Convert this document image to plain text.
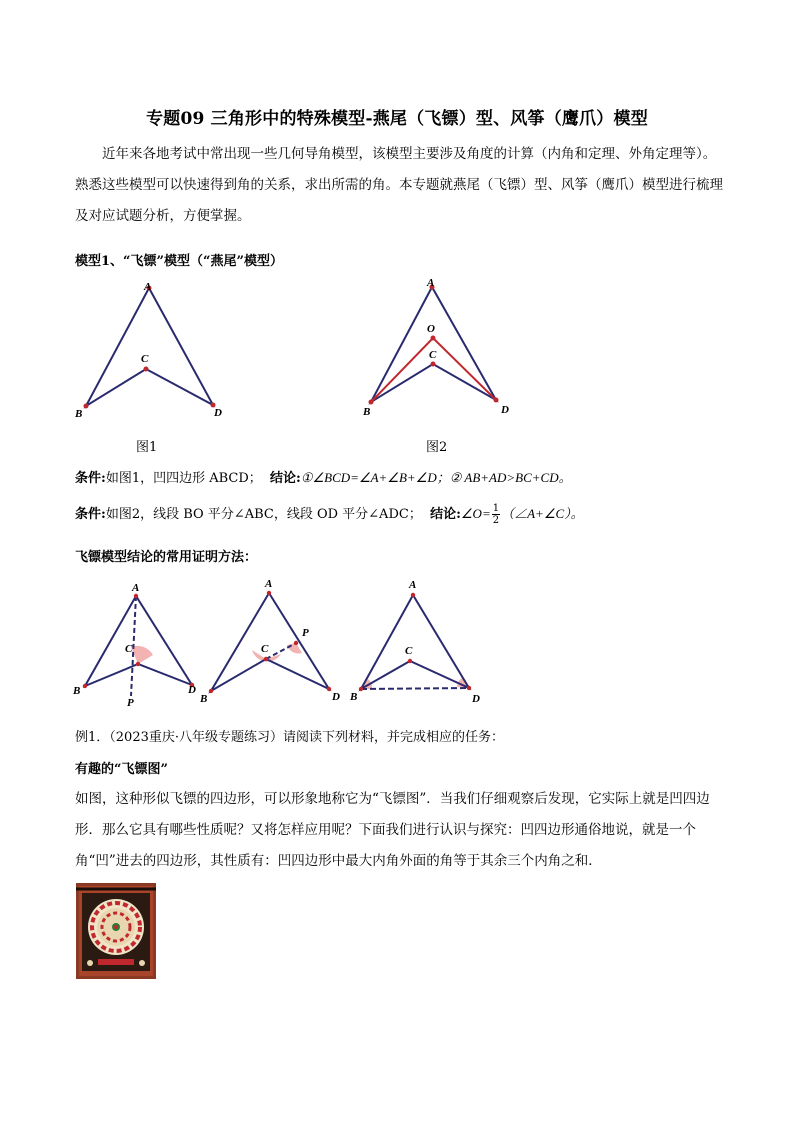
专题09 三角形中的特殊模型-燕尾（飞镖）型、风筝（鹰爪）模型
近年来各地考试中常出现一些几何导角模型，该模型主要涉及角度的计算（内角和定理、外角定理等）。熟悉这些模型可以快速得到角的关系，求出所需的角。本专题就燕尾（飞镖）型、风筝（鹰爪）模型进行梳理及对应试题分析，方便掌握。
模型1、“飞镖”模型（“燕尾”模型）
A
B
C
D
图1
A
O
C
B	D
图2
条件:如图1，凹四边形 ABCD； 结论:①∠BCD=∠A+∠B+∠D；② AB+AD>BC+CD。
条件:如图2，线段 BO 平分∠ABC，线段 OD 平分∠ADC； 结论:∠O= $\frac{1}{2}$ （∠A+∠C）。
飞镖模型结论的常用证明方法：
A
B
C
D
P
A
B
C
D
P
A
B
C
D
例1．（2023重庆·八年级专题练习）请阅读下列材料，并完成相应的任务：
有趣的“飞镖图”
如图，这种形似飞镖的四边形，可以形象地称它为“飞镖图”．当我们仔细观察后发现，它实际上就是凹四边形．那么它具有哪些性质呢？又将怎样应用呢？下面我们进行认识与探究：凹四边形通俗地说，就是一个角“凹”进去的四边形，其性质有：凹四边形中最大内角外面的角等于其余三个内角之和．
